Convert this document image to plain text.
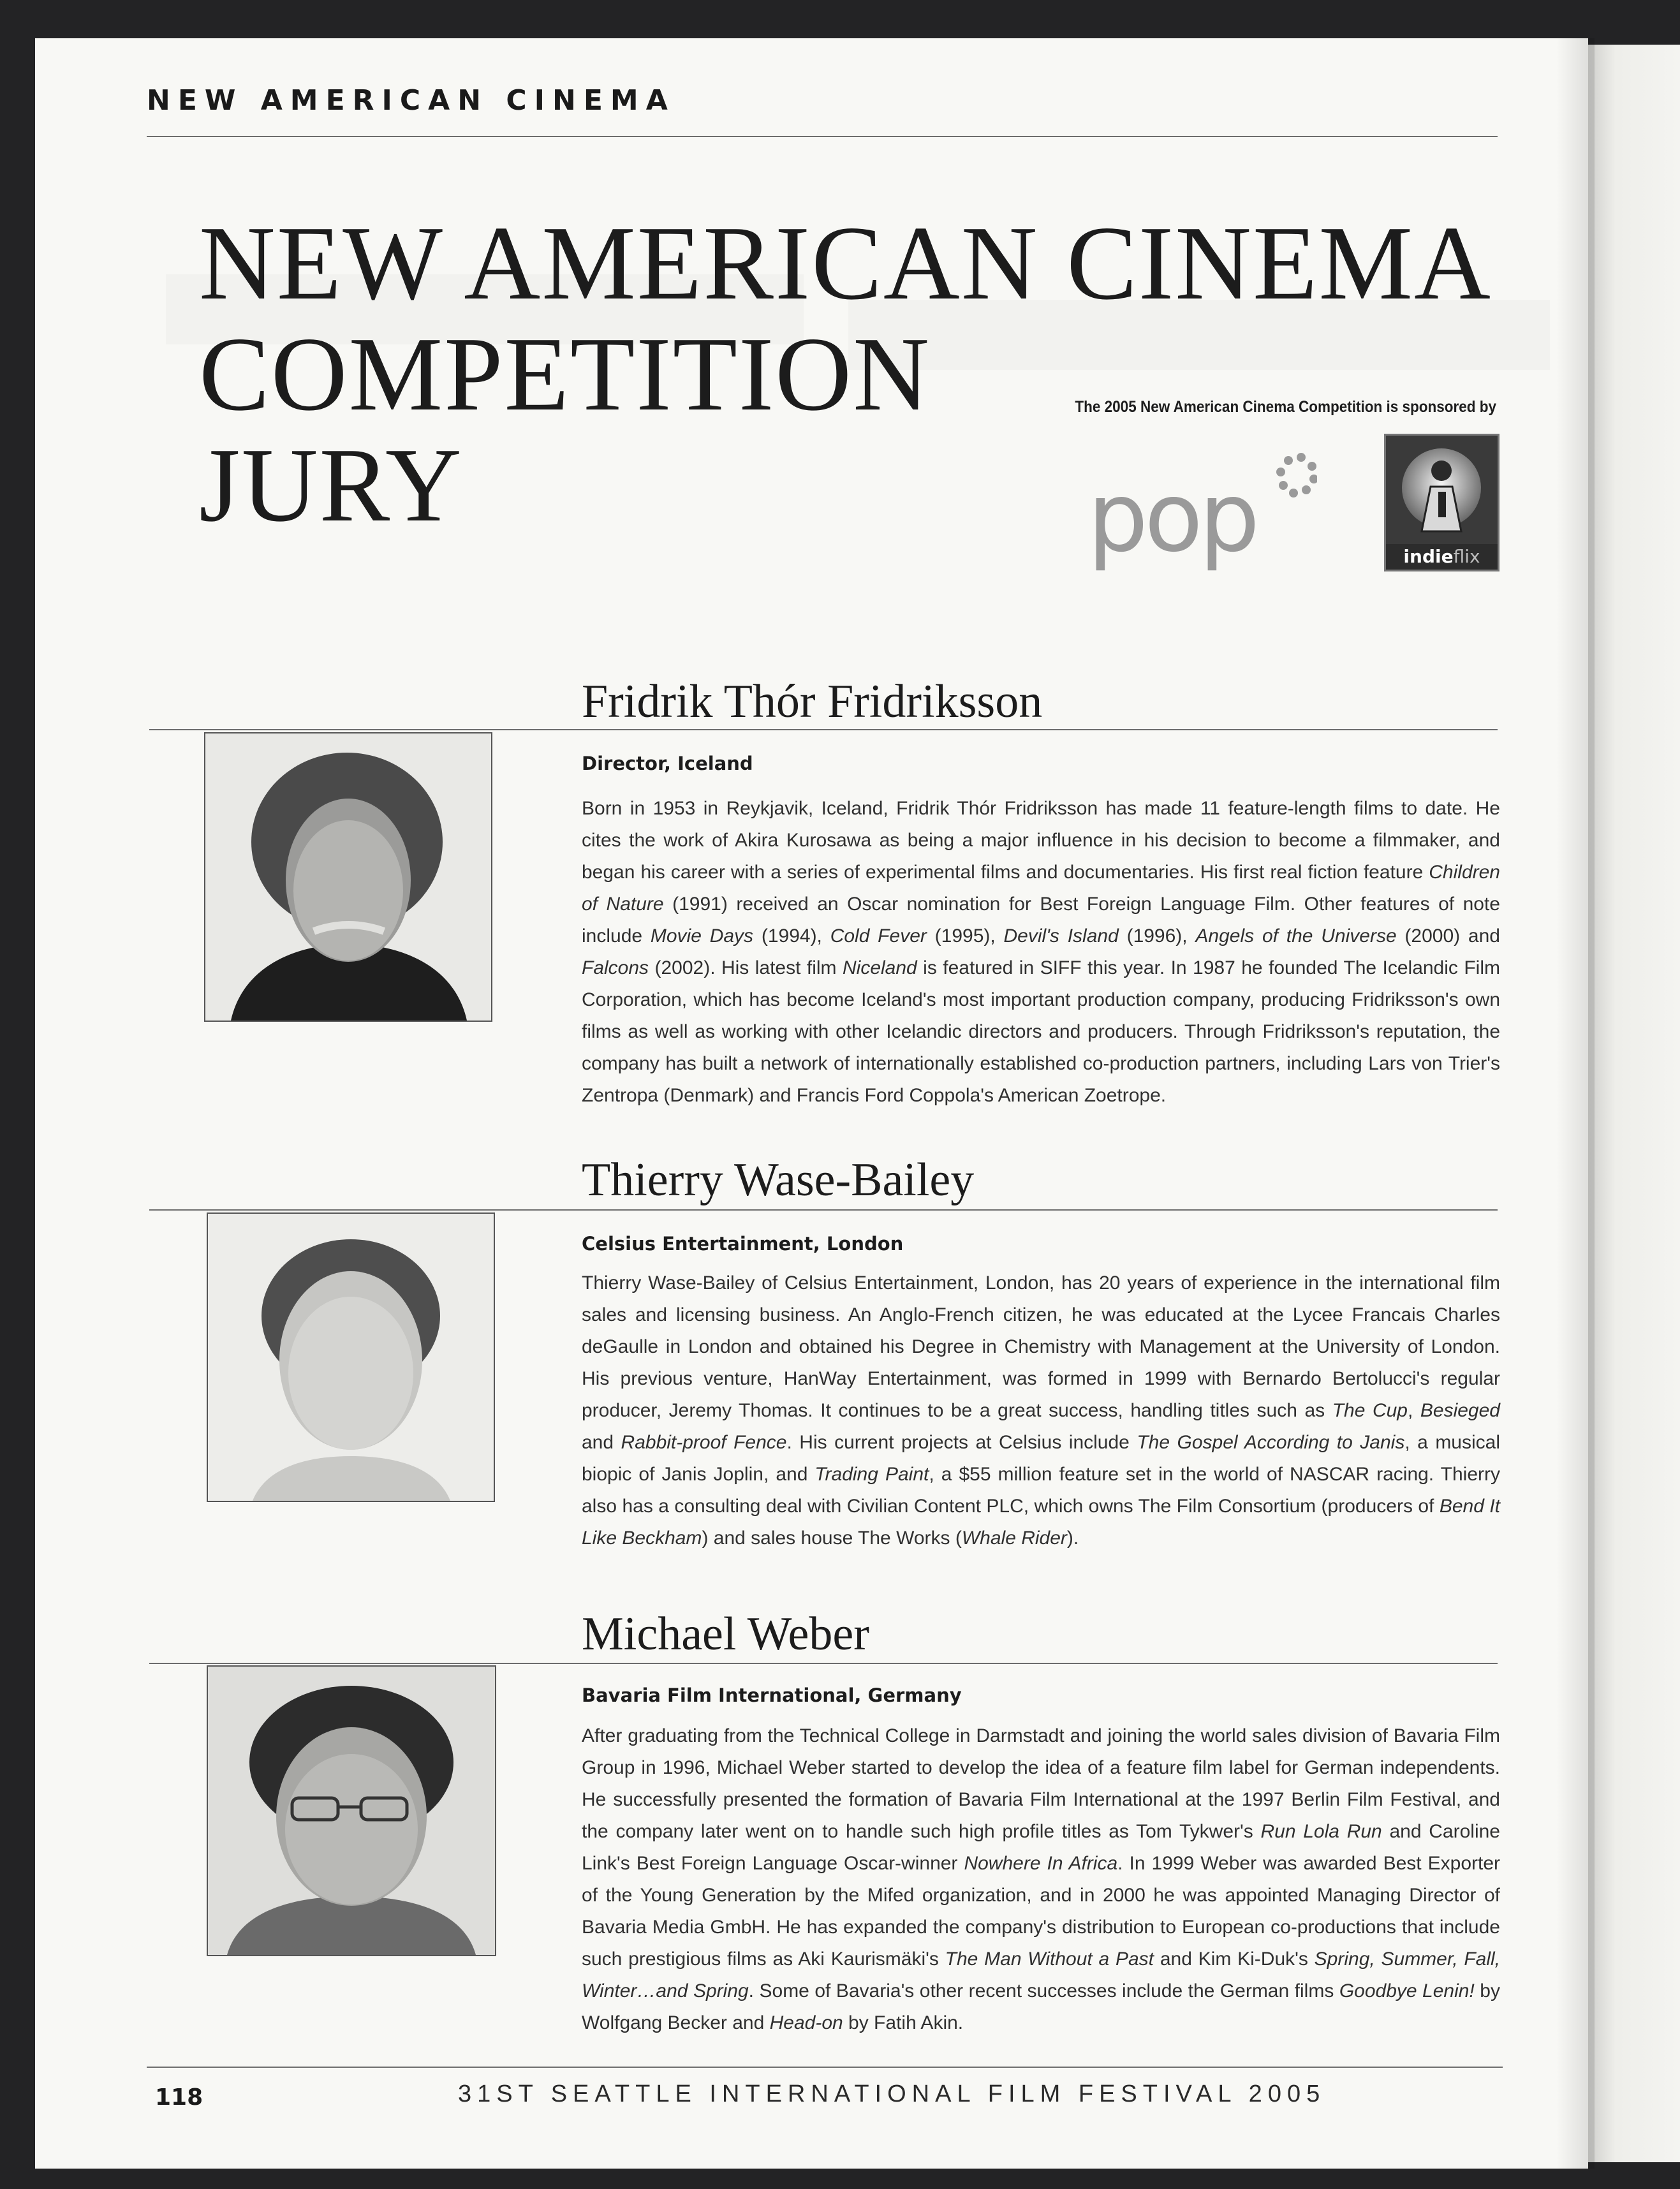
NEW AMERICAN CINEMA
NEW AMERICAN CINEMA
COMPETITION
JURY
The 2005 New American Cinema Competition is sponsored by
pop	indieflix
Fridrik Thór Fridriksson
Director, Iceland

Born in 1953 in Reykjavik, Iceland, Fridrik Thór Fridriksson has made 11 feature-length films to date. He cites the work of Akira Kurosawa as being a major influence in his decision to become a filmmaker, and began his career with a series of experimental films and documentaries. His first real fiction feature Children of Nature (1991) received an Oscar nomination for Best Foreign Language Film. Other features of note include Movie Days (1994), Cold Fever (1995), Devil's Island (1996), Angels of the Universe (2000) and Falcons (2002). His latest film Niceland is featured in SIFF this year. In 1987 he founded The Icelandic Film Corporation, which has become Iceland's most important production company, producing Fridriksson's own films as well as working with other Icelandic directors and producers. Through Fridriksson's reputation, the company has built a network of internationally established co-production partners, including Lars von Trier's Zentropa (Denmark) and Francis Ford Coppola's American Zoetrope.

Thierry Wase-Bailey
Celsius Entertainment, London

Thierry Wase-Bailey of Celsius Entertainment, London, has 20 years of experience in the international film sales and licensing business. An Anglo-French citizen, he was educated at the Lycee Francais Charles deGaulle in London and obtained his Degree in Chemistry with Management at the University of London. His previous venture, HanWay Entertainment, was formed in 1999 with Bernardo Bertolucci's regular producer, Jeremy Thomas. It continues to be a great success, handling titles such as The Cup, Besieged and Rabbit-proof Fence. His current projects at Celsius include The Gospel According to Janis, a musical biopic of Janis Joplin, and Trading Paint, a $55 million feature set in the world of NASCAR racing. Thierry also has a consulting deal with Civilian Content PLC, which owns The Film Consortium (producers of Bend It Like Beckham) and sales house The Works (Whale Rider).

Michael Weber
Bavaria Film International, Germany

After graduating from the Technical College in Darmstadt and joining the world sales division of Bavaria Film Group in 1996, Michael Weber started to develop the idea of a feature film label for German independents. He successfully presented the formation of Bavaria Film International at the 1997 Berlin Film Festival, and the company later went on to handle such high profile titles as Tom Tykwer's Run Lola Run and Caroline Link's Best Foreign Language Oscar-winner Nowhere In Africa. In 1999 Weber was awarded Best Exporter of the Young Generation by the Mifed organization, and in 2000 he was appointed Managing Director of Bavaria Media GmbH. He has expanded the company's distribution to European co-productions that include such prestigious films as Aki Kaurismäki's The Man Without a Past and Kim Ki-Duk's Spring, Summer, Fall, Winter…and Spring. Some of Bavaria's other recent successes include the German films Goodbye Lenin! by Wolfgang Becker and Head-on by Fatih Akin.

118	31ST SEATTLE INTERNATIONAL FILM FESTIVAL 2005
